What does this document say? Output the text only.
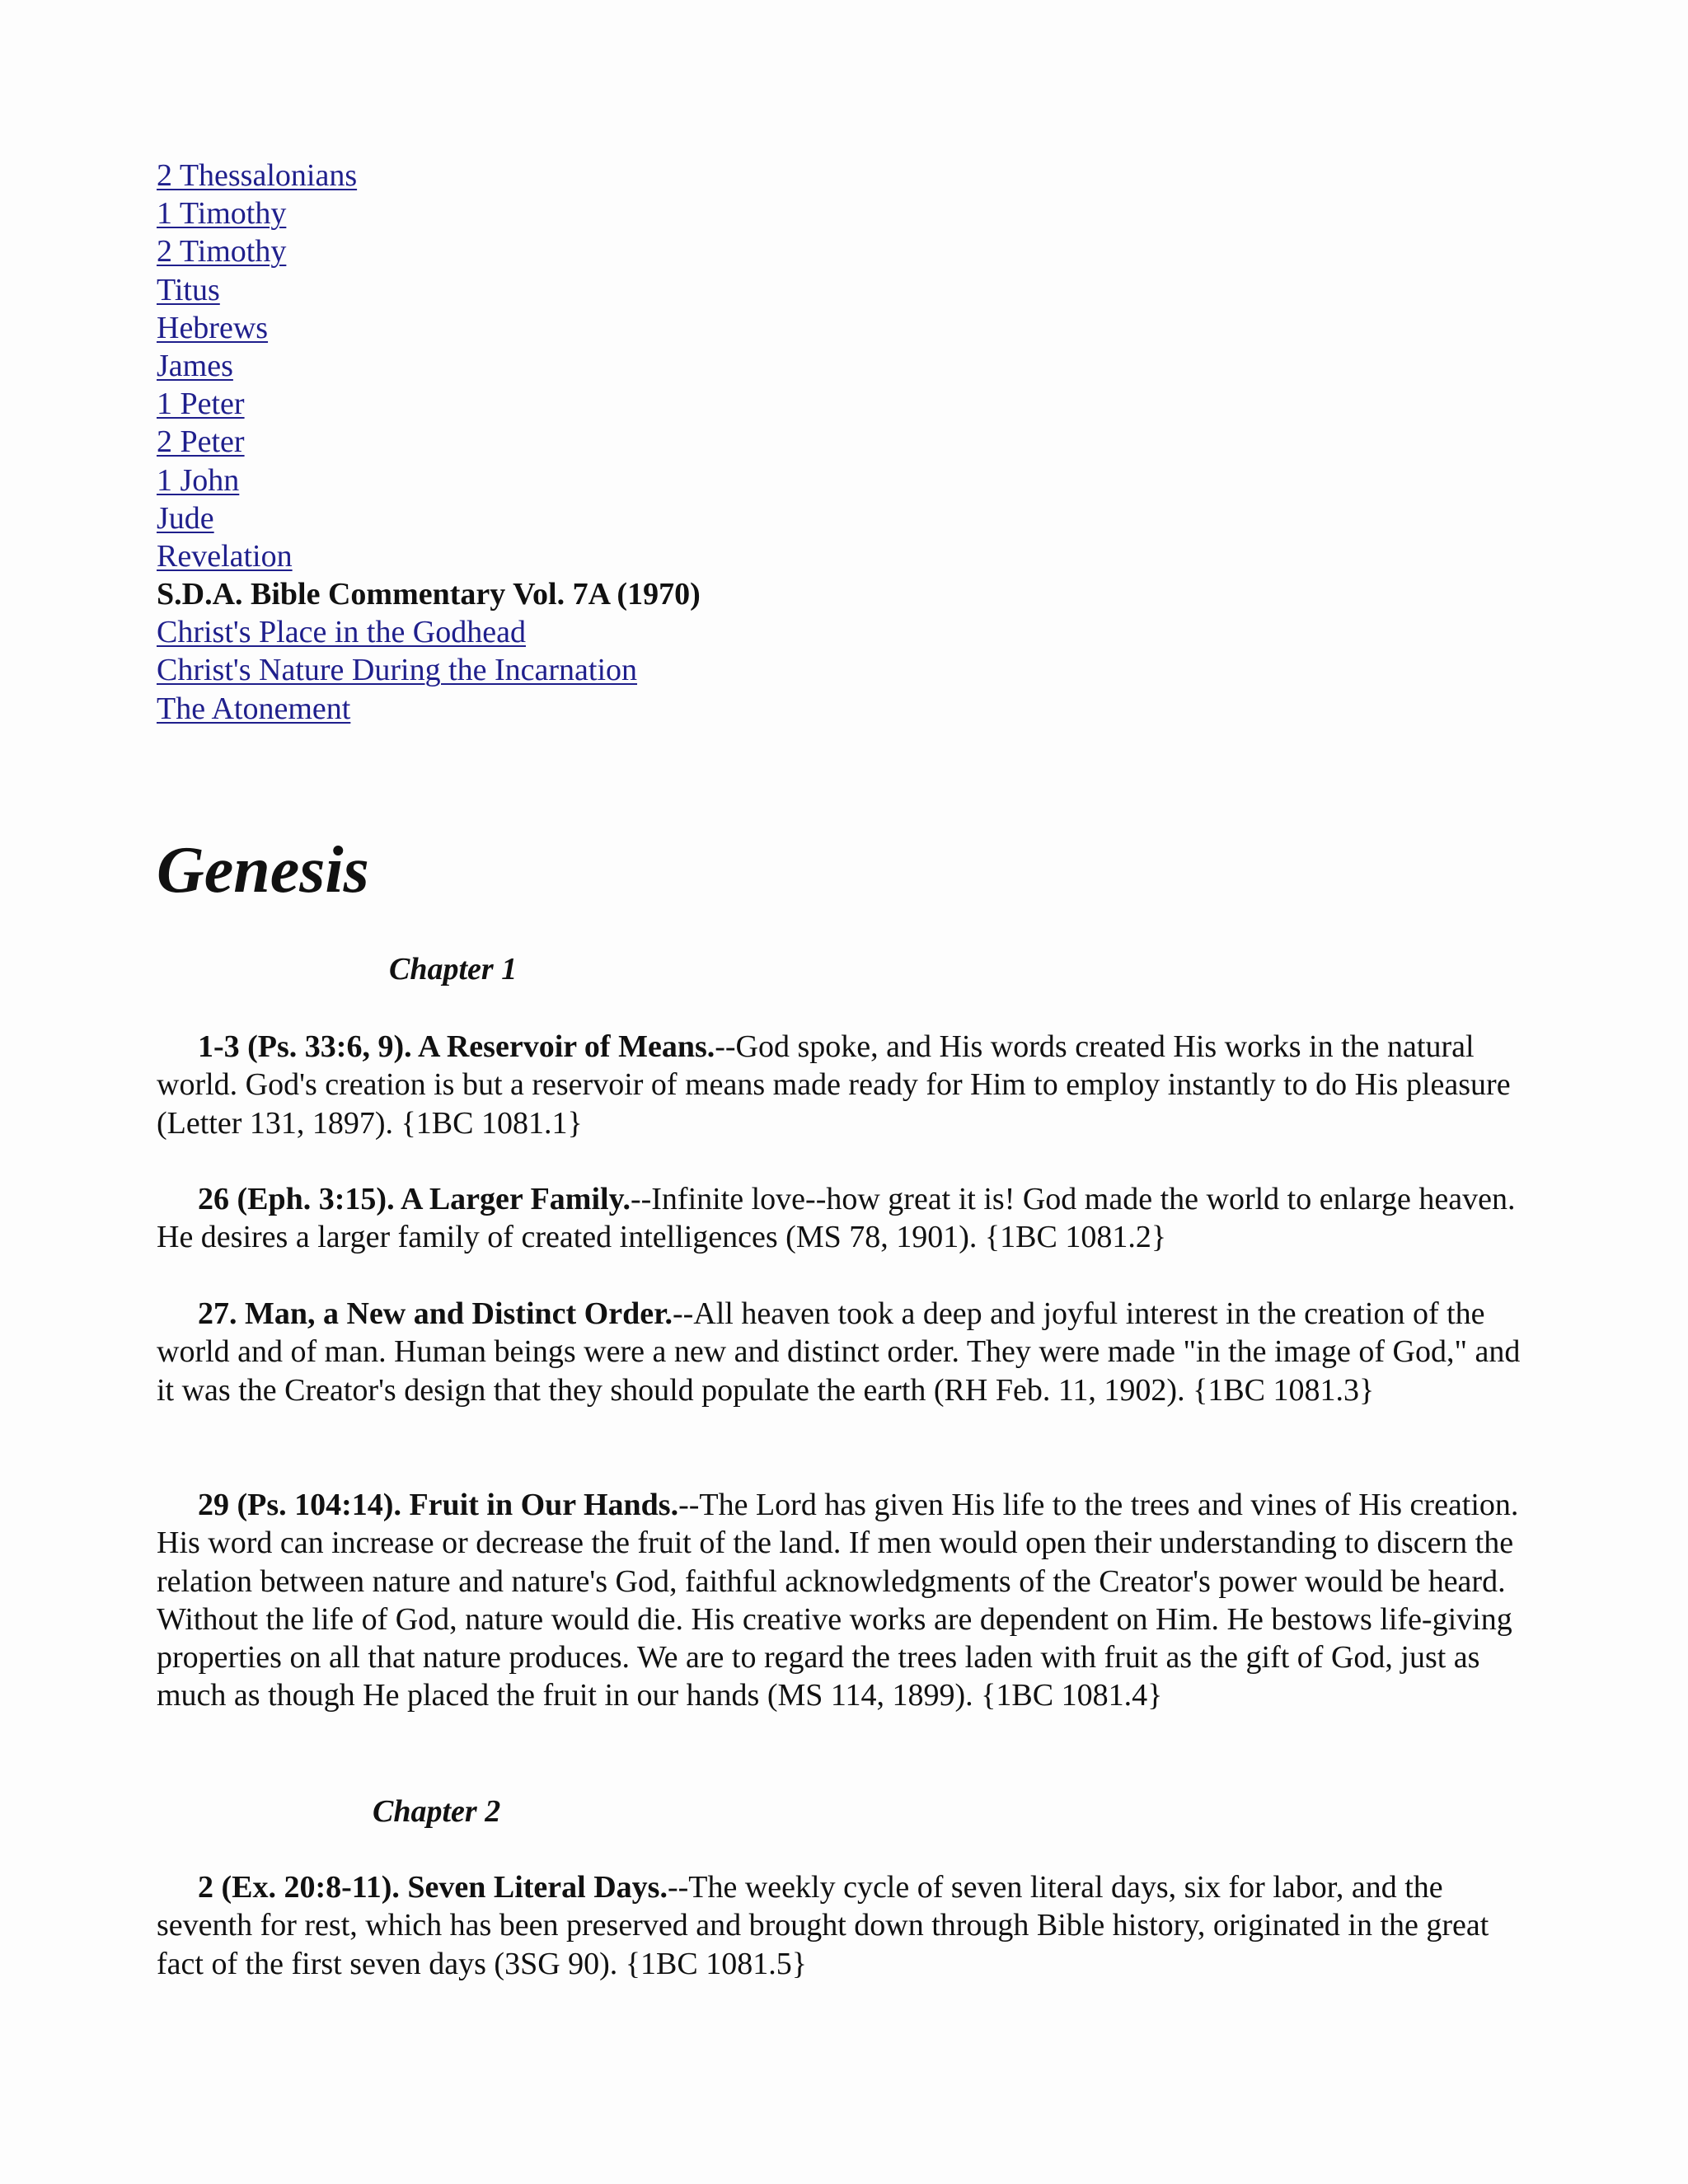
2 Thessalonians
1 Timothy
2 Timothy
Titus
Hebrews
James
1 Peter
2 Peter
1 John
Jude
Revelation
S.D.A. Bible Commentary Vol. 7A (1970)
Christ's Place in the Godhead
Christ's Nature During the Incarnation
The Atonement
Genesis
Chapter 1

1-3 (Ps. 33:6, 9). A Reservoir of Means.--God spoke, and His words created His works in the natural world. God's creation is but a reservoir of means made ready for Him to employ instantly to do His pleasure (Letter 131, 1897). {1BC 1081.1}

26 (Eph. 3:15). A Larger Family.--Infinite love--how great it is! God made the world to enlarge heaven. He desires a larger family of created intelligences (MS 78, 1901). {1BC 1081.2}

27. Man, a New and Distinct Order.--All heaven took a deep and joyful interest in the creation of the world and of man. Human beings were a new and distinct order. They were made "in the image of God," and it was the Creator's design that they should populate the earth (RH Feb. 11, 1902). {1BC 1081.3}

29 (Ps. 104:14). Fruit in Our Hands.--The Lord has given His life to the trees and vines of His creation. His word can increase or decrease the fruit of the land. If men would open their understanding to discern the relation between nature and nature's God, faithful acknowledgments of the Creator's power would be heard. Without the life of God, nature would die. His creative works are dependent on Him. He bestows life-giving properties on all that nature produces. We are to regard the trees laden with fruit as the gift of God, just as much as though He placed the fruit in our hands (MS 114, 1899). {1BC 1081.4}

Chapter 2

2 (Ex. 20:8-11). Seven Literal Days.--The weekly cycle of seven literal days, six for labor, and the seventh for rest, which has been preserved and brought down through Bible history, originated in the great fact of the first seven days (3SG 90). {1BC 1081.5}
